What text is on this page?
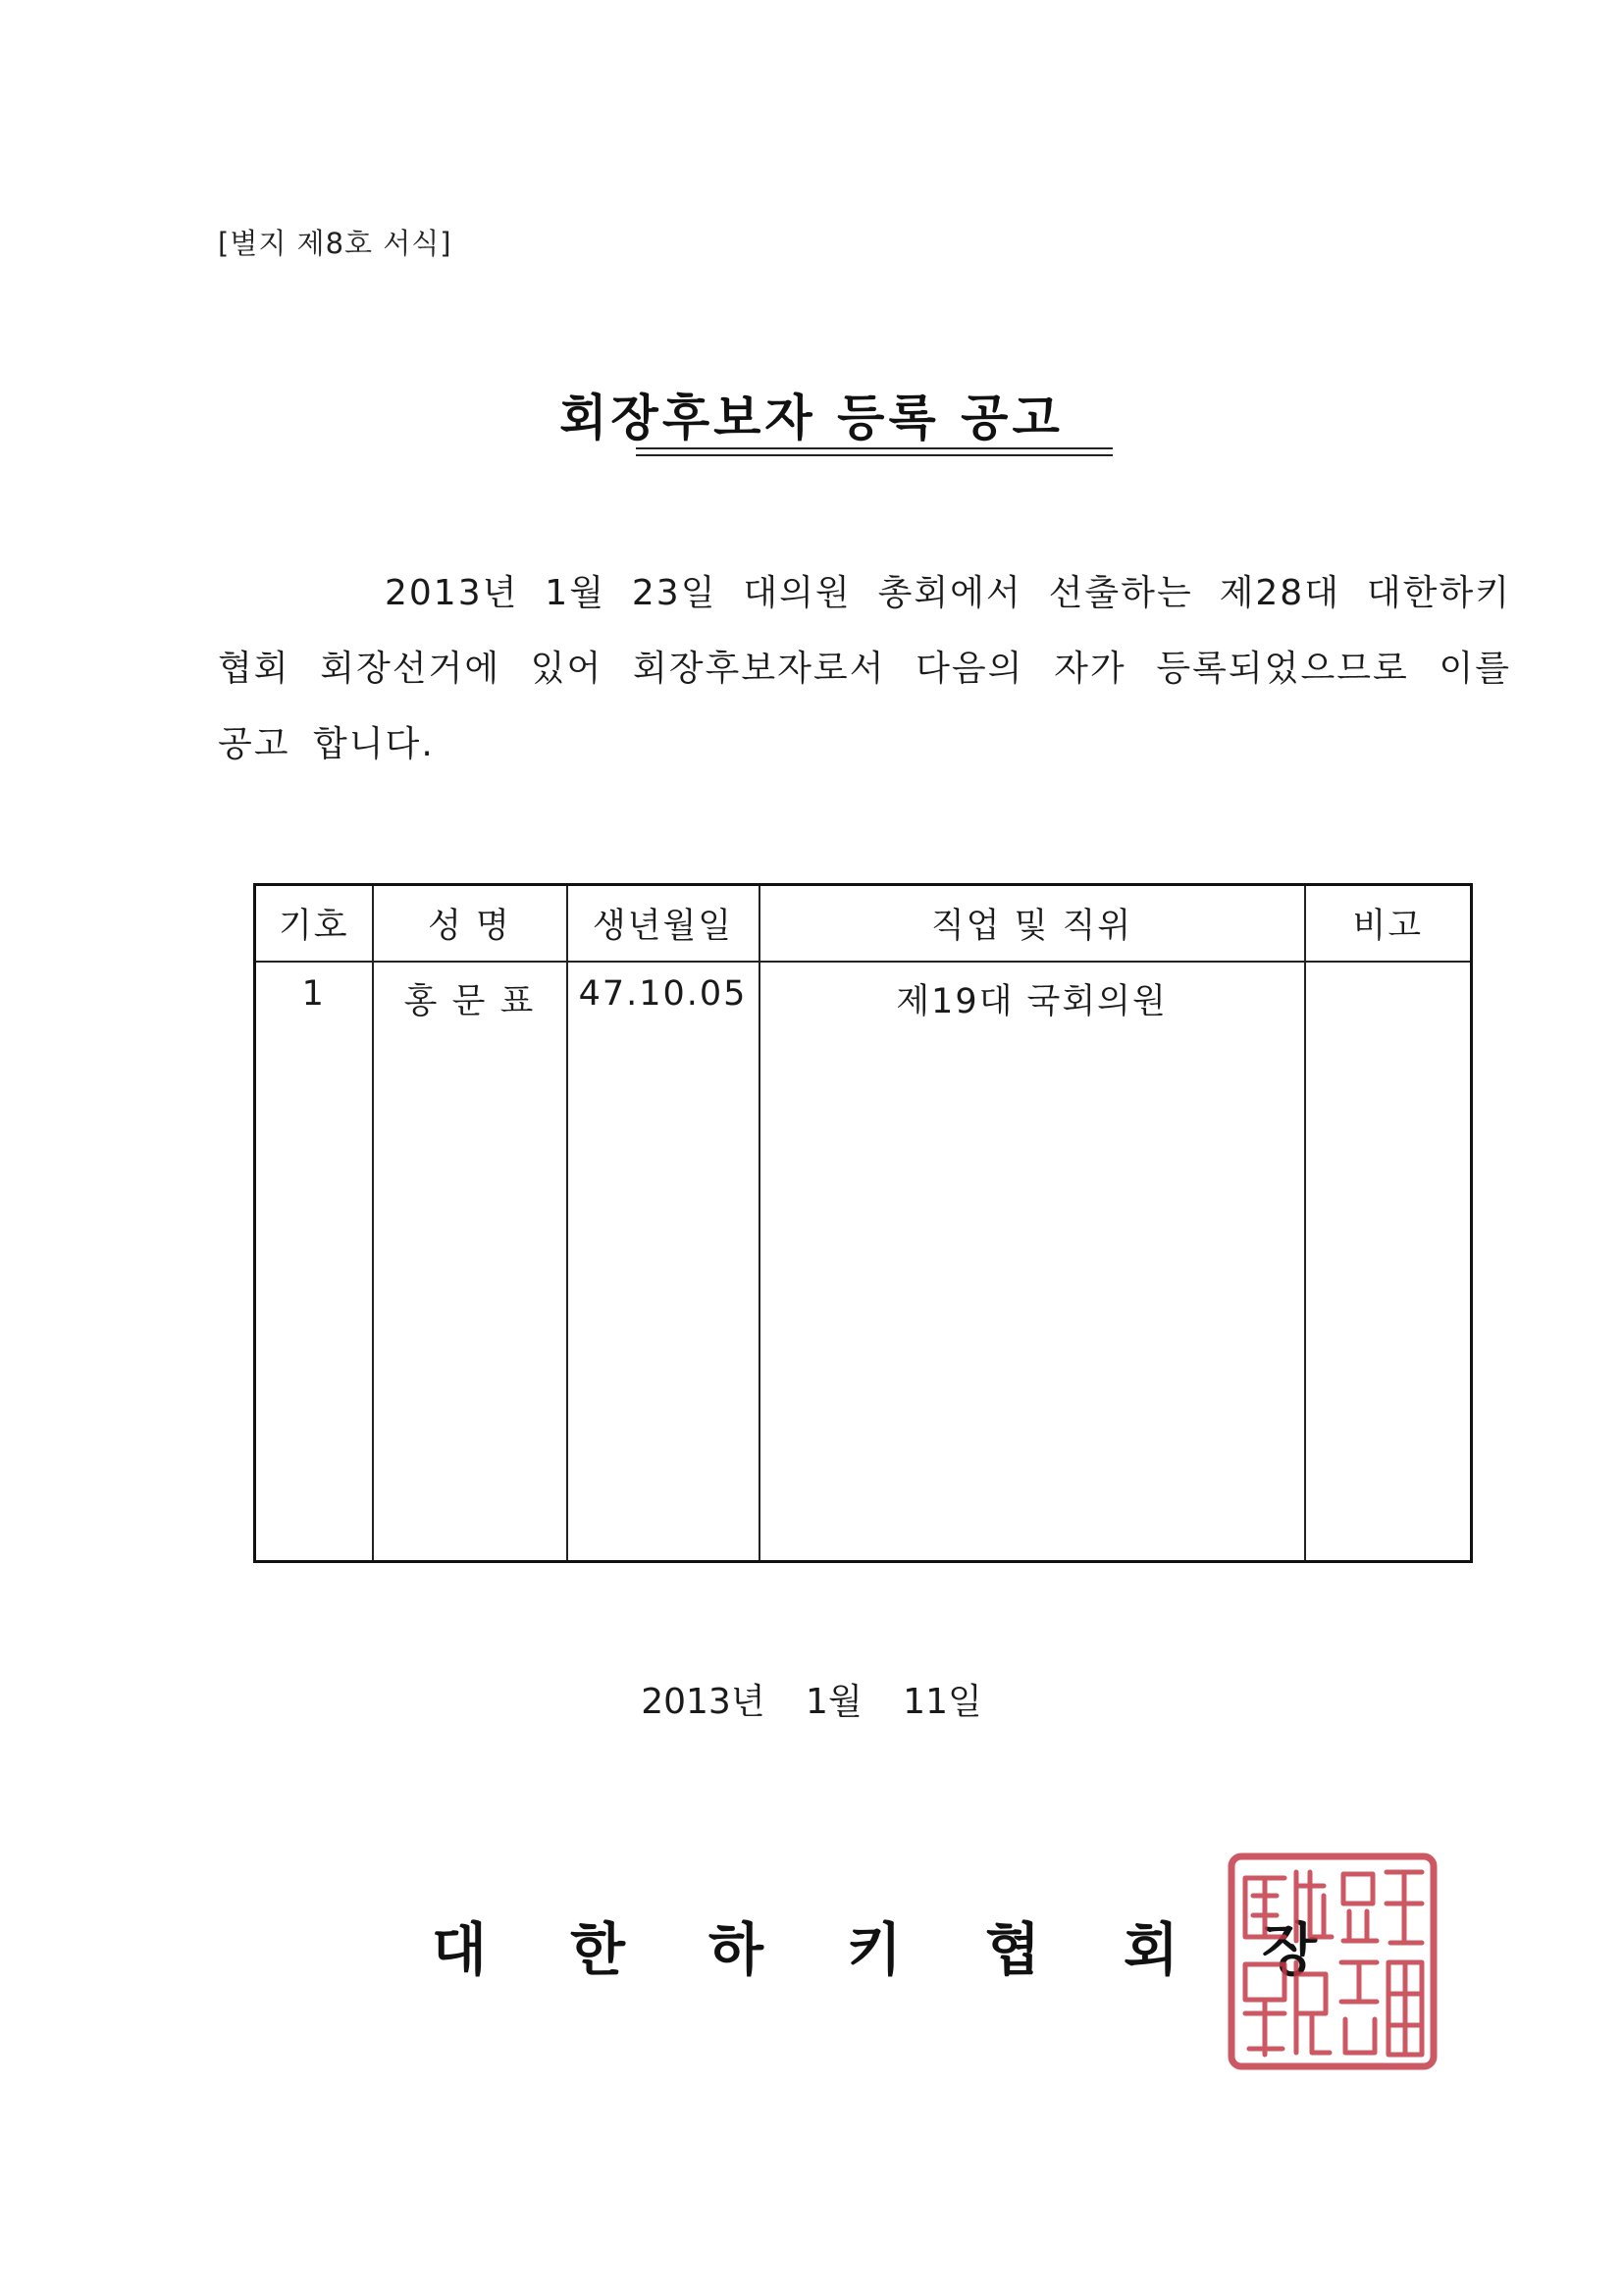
[별지 제8호 서식]
회장후보자 등록 공고
2013년 1월 23일 대의원 총회에서 선출하는 제28대 대한하키협회 회장선거에 있어 회장후보자로서 다음의 자가 등록되었으므로 이를 공고 합니다.
기호	성 명	생년월일	직업 및 직위	비고
1	홍 문 표	47.10.05	제19대 국회의원	
2013년 1월 11일
대 한 하 키 협 회 장
